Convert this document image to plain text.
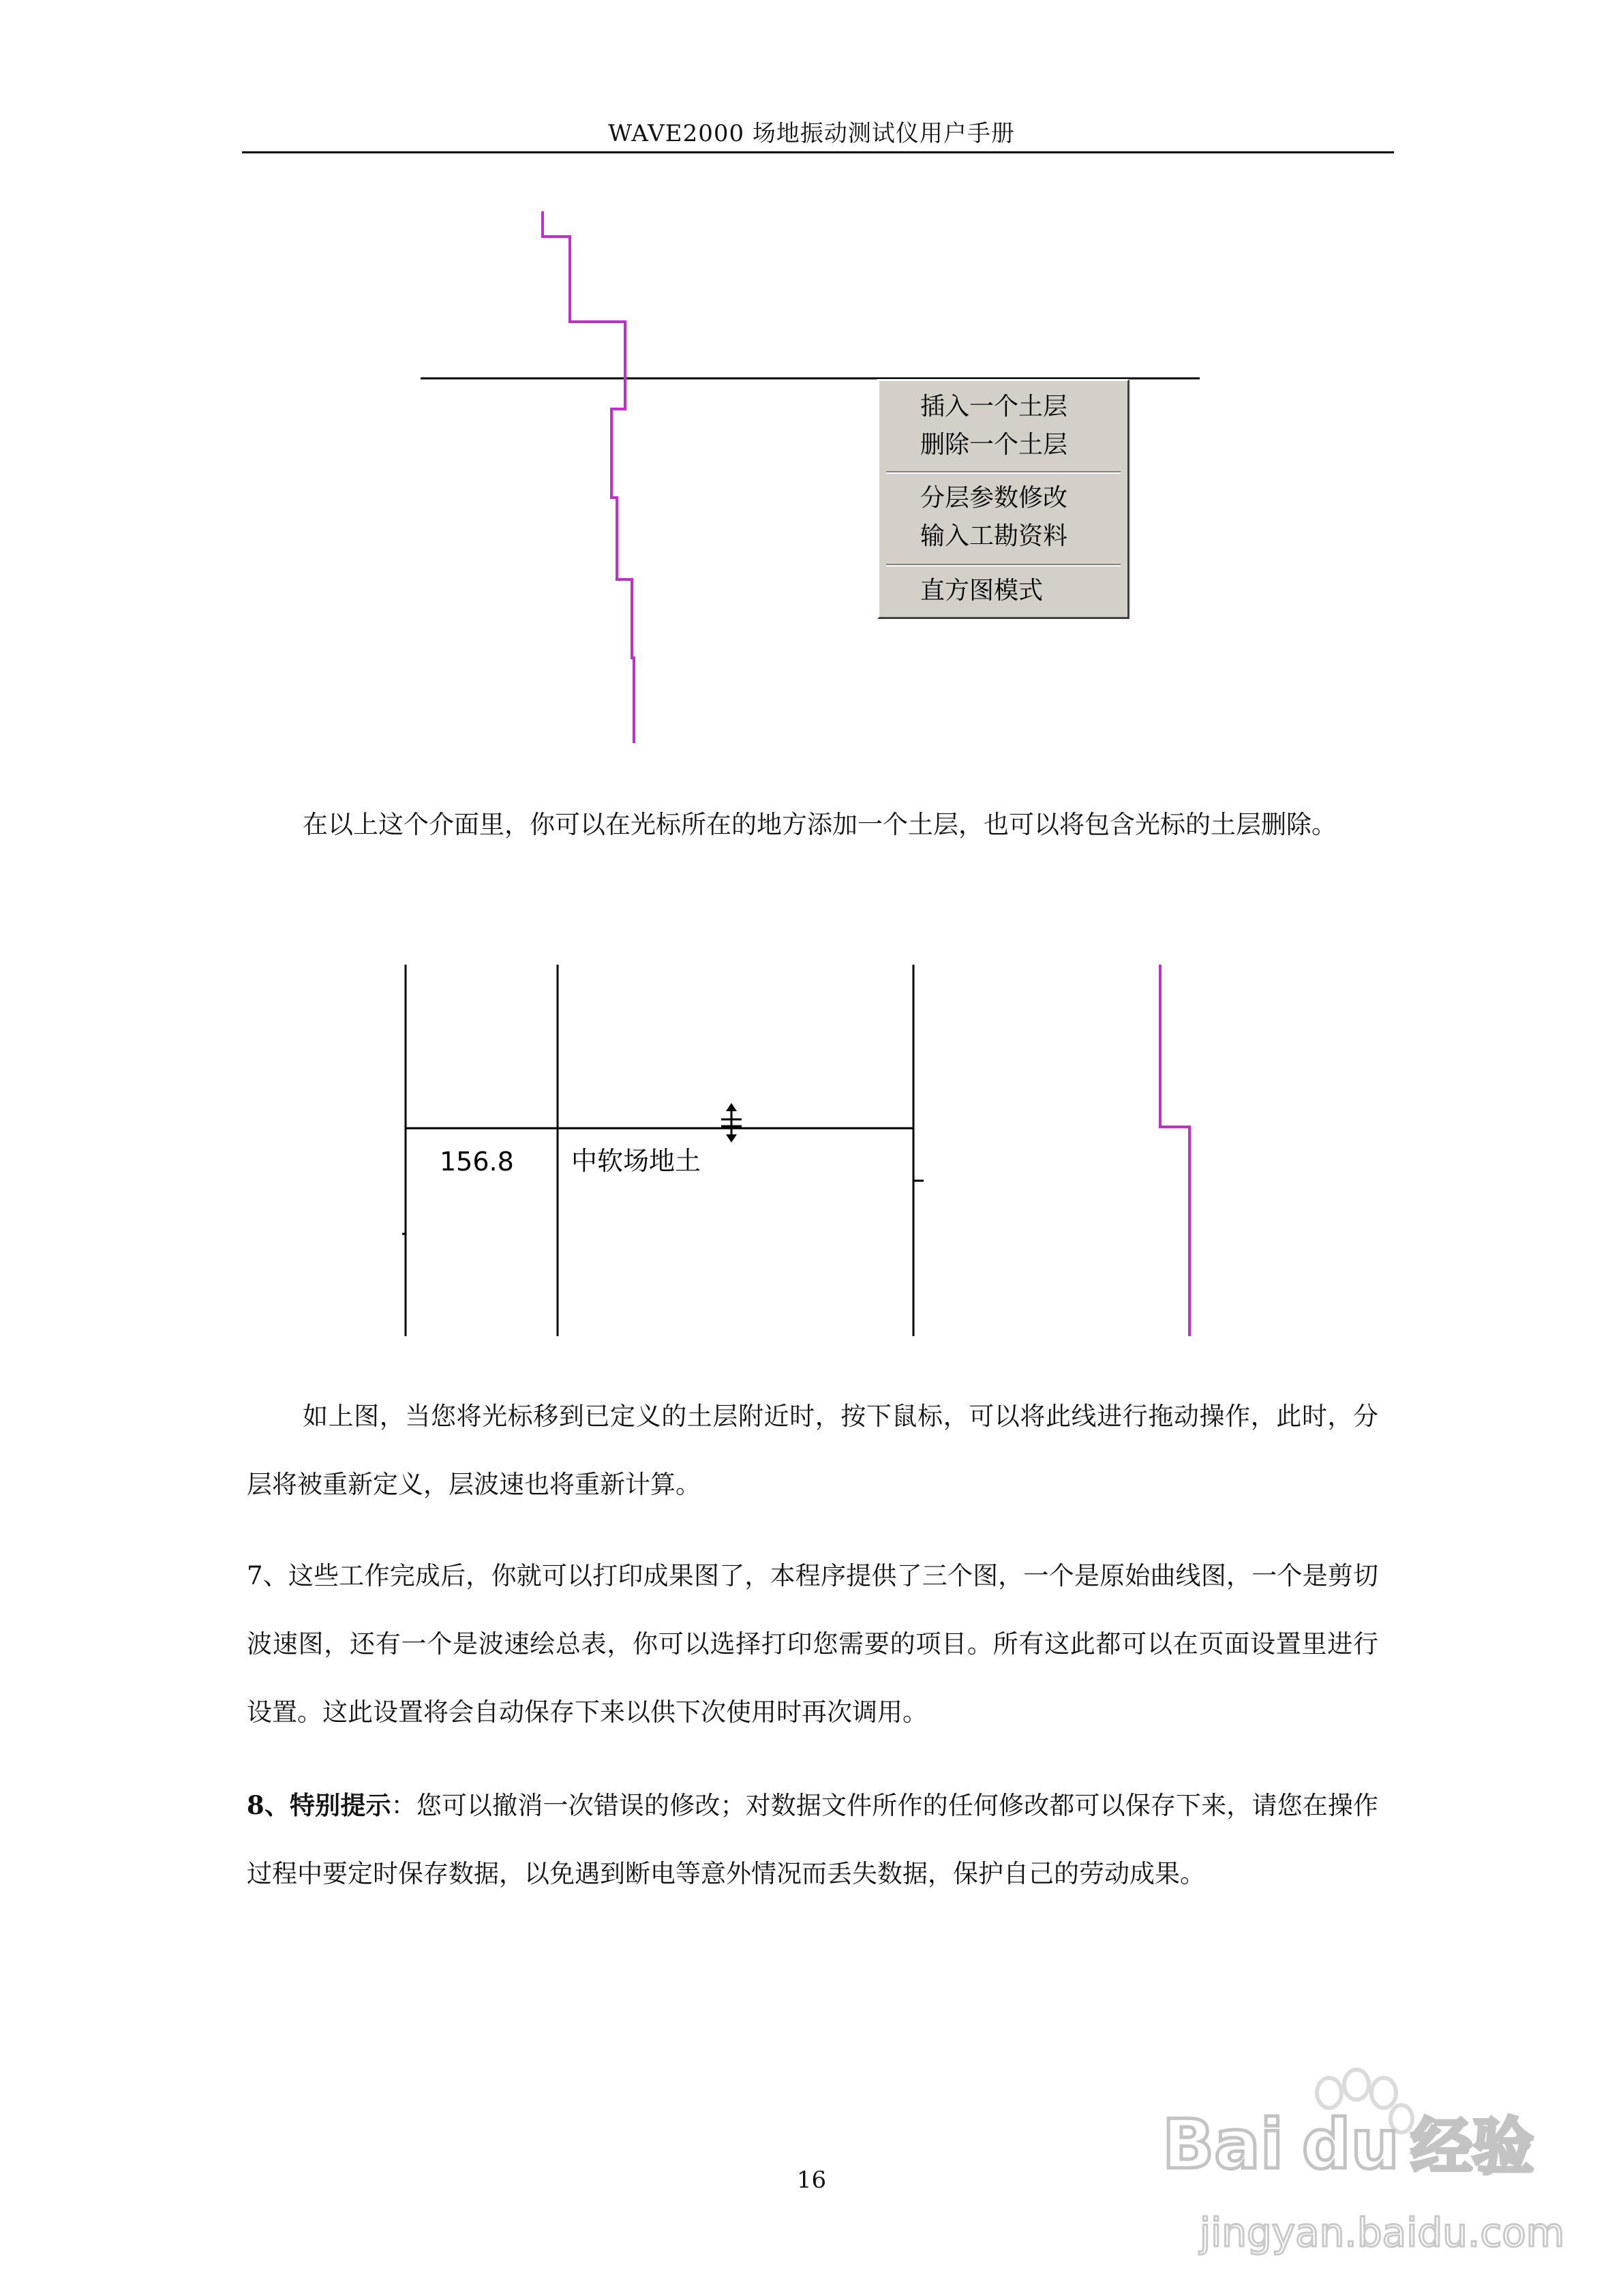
WAVE2000 场地振动测试仪用户手册
插入一个土层
删除一个土层
分层参数修改
输入工勘资料
直方图模式
在以上这个介面里，你可以在光标所在的地方添加一个土层，也可以将包含光标的土层删除。
156.8 中软场地土
如上图，当您将光标移到已定义的土层附近时，按下鼠标，可以将此线进行拖动操作，此时，分层将被重新定义，层波速也将重新计算。
7、这些工作完成后，你就可以打印成果图了，本程序提供了三个图，一个是原始曲线图，一个是剪切波速图，还有一个是波速绘总表，你可以选择打印您需要的项目。所有这此都可以在页面设置里进行设置。这此设置将会自动保存下来以供下次使用时再次调用。
8、特别提示：您可以撤消一次错误的修改；对数据文件所作的任何修改都可以保存下来，请您在操作过程中要定时保存数据，以免遇到断电等意外情况而丢失数据，保护自己的劳动成果。
16	Bai du 经验
jingyan.baidu.com
